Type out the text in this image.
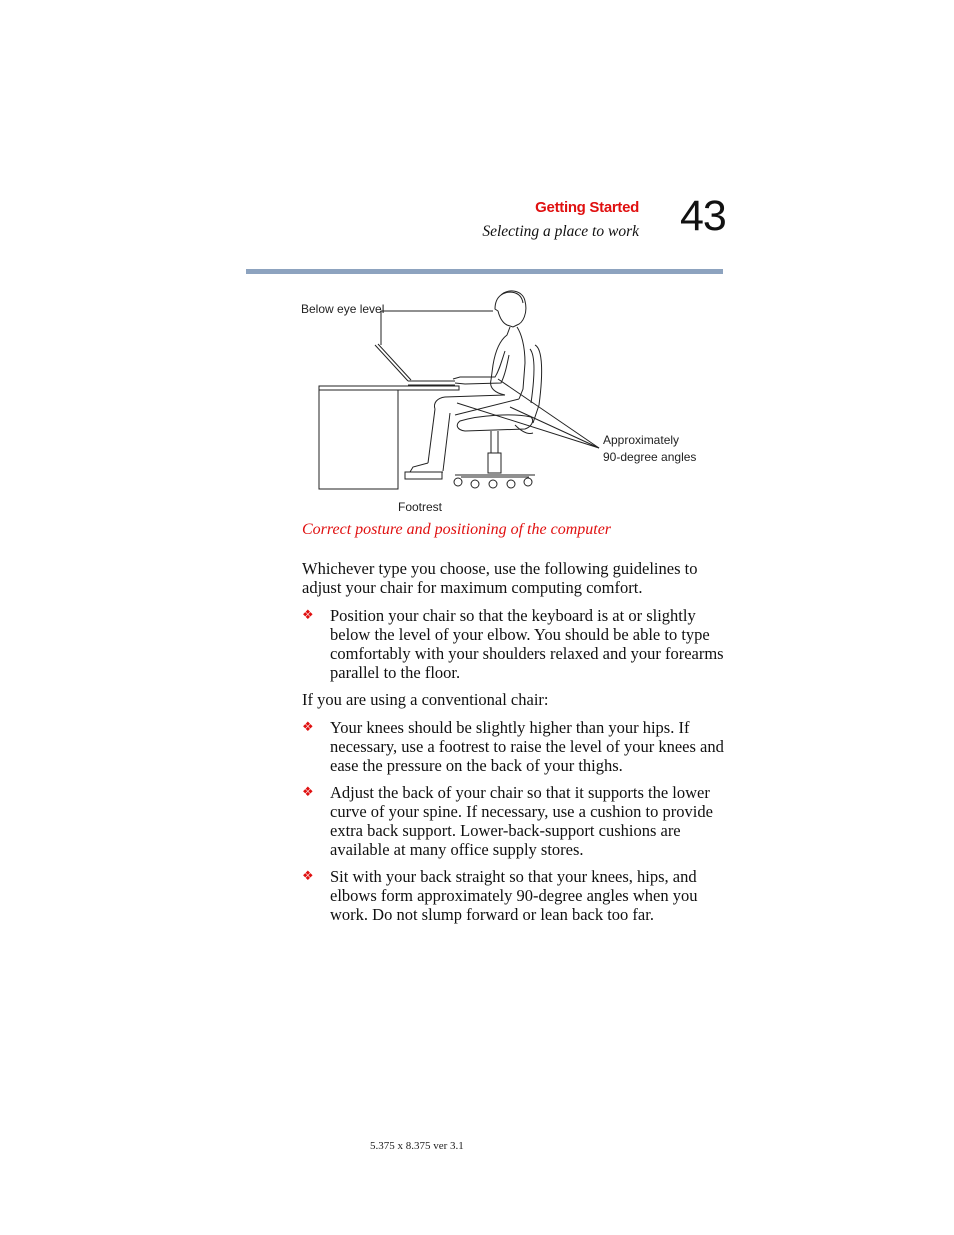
Getting Started
Selecting a place to work 43
Below eye level
Approximately
90-degree angles
Footrest
Correct posture and positioning of the computer
Whichever type you choose, use the following guidelines to adjust your chair for maximum computing comfort.
❖ Position your chair so that the keyboard is at or slightly below the level of your elbow. You should be able to type comfortably with your shoulders relaxed and your forearms parallel to the floor.
If you are using a conventional chair:
❖ Your knees should be slightly higher than your hips. If necessary, use a footrest to raise the level of your knees and ease the pressure on the back of your thighs.
❖ Adjust the back of your chair so that it supports the lower curve of your spine. If necessary, use a cushion to provide extra back support. Lower-back-support cushions are available at many office supply stores.
❖ Sit with your back straight so that your knees, hips, and elbows form approximately 90-degree angles when you work. Do not slump forward or lean back too far.
5.375 x 8.375 ver 3.1
